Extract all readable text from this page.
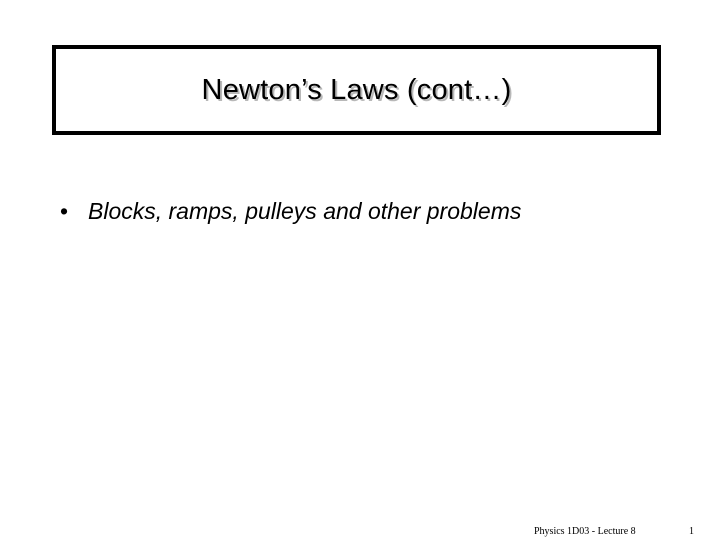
Newton’s Laws (cont…)
• Blocks, ramps, pulleys and other problems
Physics 1D03 - Lecture 8	1
